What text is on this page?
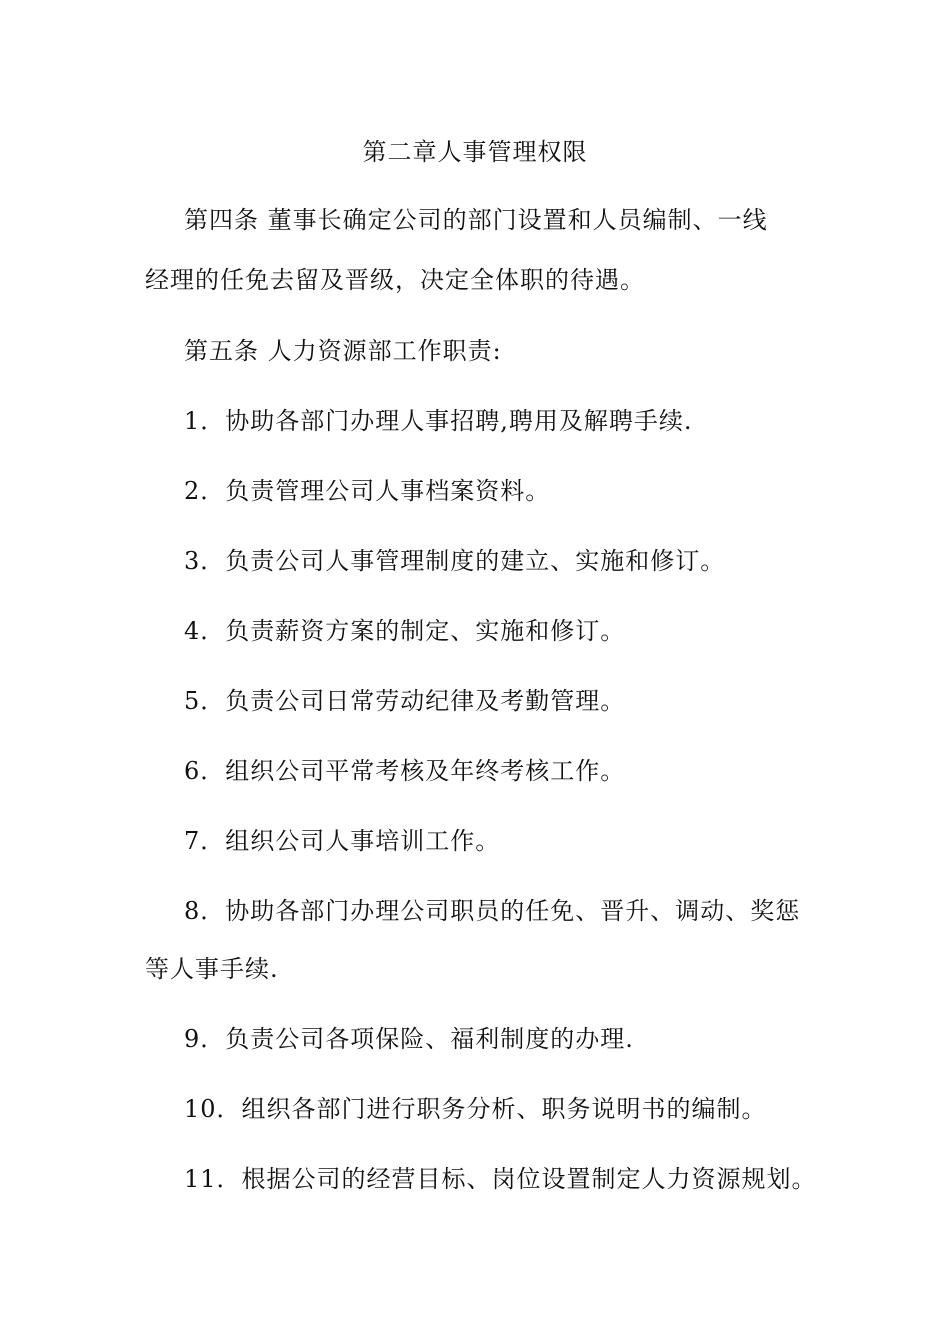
第二章人事管理权限
第四条 董事长确定公司的部门设置和人员编制、一线
经理的任免去留及晋级，决定全体职的待遇。
第五条 人力资源部工作职责:
1．协助各部门办理人事招聘,聘用及解聘手续.
2．负责管理公司人事档案资料。
3．负责公司人事管理制度的建立、实施和修订。
4．负责薪资方案的制定、实施和修订。
5．负责公司日常劳动纪律及考勤管理。
6．组织公司平常考核及年终考核工作。
7．组织公司人事培训工作。
8．协助各部门办理公司职员的任免、晋升、调动、奖惩
等人事手续.
9．负责公司各项保险、福利制度的办理.
10．组织各部门进行职务分析、职务说明书的编制。
11．根据公司的经营目标、岗位设置制定人力资源规划。
